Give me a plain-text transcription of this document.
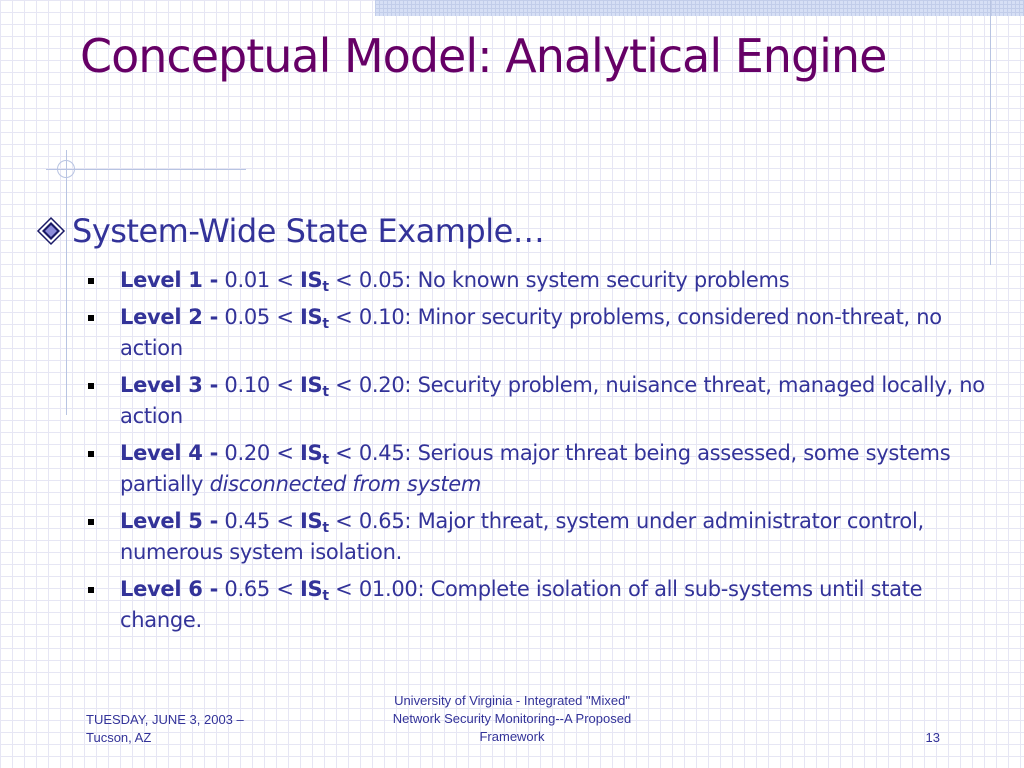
Conceptual Model: Analytical Engine
System-Wide State Example…
Level $1 - 0.01 < IS_t < 0.05$: No known system security problems
Level $2 - 0.05 < IS_t < 0.10$: Minor security problems, considered non-threat, no action
Level $3 - 0.10 < IS_t < 0.20$: Security problem, nuisance threat, managed locally, no action
Level $4 - 0.20 < IS_t < 0.45$: Serious major threat being assessed, some systems partially disconnected from system
Level $5 - 0.45 < IS_t < 0.65$: Major threat, system under administrator control, numerous system isolation.
Level $6 - 0.65 < IS_t < 01.00$: Complete isolation of all sub-systems until state change.
TUESDAY, JUNE 3, 2003 –
Tucson, AZ
University of Virginia - Integrated "Mixed" Network Security Monitoring--A Proposed Framework	13
